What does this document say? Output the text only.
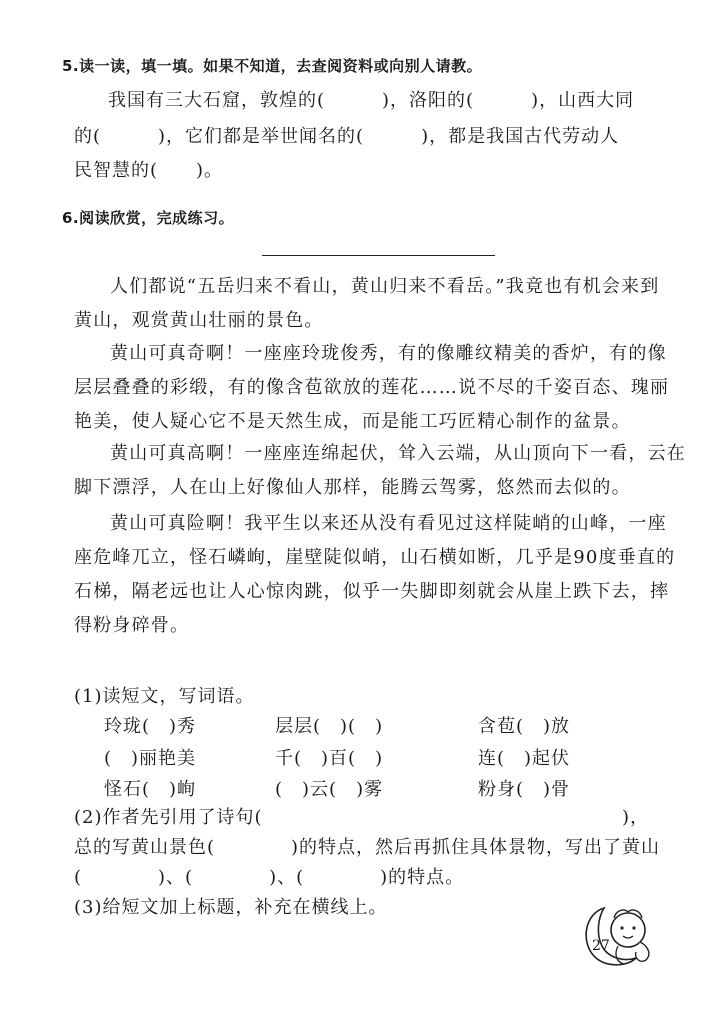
5.读一读，填一填。如果不知道，去查阅资料或向别人请教。
我国有三大石窟，敦煌的(　　　)，洛阳的(　　　)，山西大同
的(　　　)，它们都是举世闻名的(　　　)，都是我国古代劳动人
民智慧的(　　)。
6.阅读欣赏，完成练习。
人们都说“五岳归来不看山，黄山归来不看岳。”我竟也有机会来到
黄山，观赏黄山壮丽的景色。
黄山可真奇啊！一座座玲珑俊秀，有的像雕纹精美的香炉，有的像
层层叠叠的彩缎，有的像含苞欲放的莲花……说不尽的千姿百态、瑰丽
艳美，使人疑心它不是天然生成，而是能工巧匠精心制作的盆景。
黄山可真高啊！一座座连绵起伏，耸入云端，从山顶向下一看，云在
脚下漂浮，人在山上好像仙人那样，能腾云驾雾，悠然而去似的。
黄山可真险啊！我平生以来还从没有看见过这样陡峭的山峰，一座
座危峰兀立，怪石嶙峋，崖壁陡似峭，山石横如断，几乎是90度垂直的
石梯，隔老远也让人心惊肉跳，似乎一失脚即刻就会从崖上跌下去，摔
得粉身碎骨。
(1)读短文，写词语。
玲珑(　)秀	层层(　)(　)	含苞(　)放
(　)丽艳美	千(　)百(　)	连(　)起伏
怪石(　)峋	(　)云(　)雾	粉身(　)骨
(2)作者先引用了诗句(	)，
总的写黄山景色(　　　　)的特点，然后再抓住具体景物，写出了黄山
(　　　　)、(　　　　)、(　　　　)的特点。
(3)给短文加上标题，补充在横线上。
27
